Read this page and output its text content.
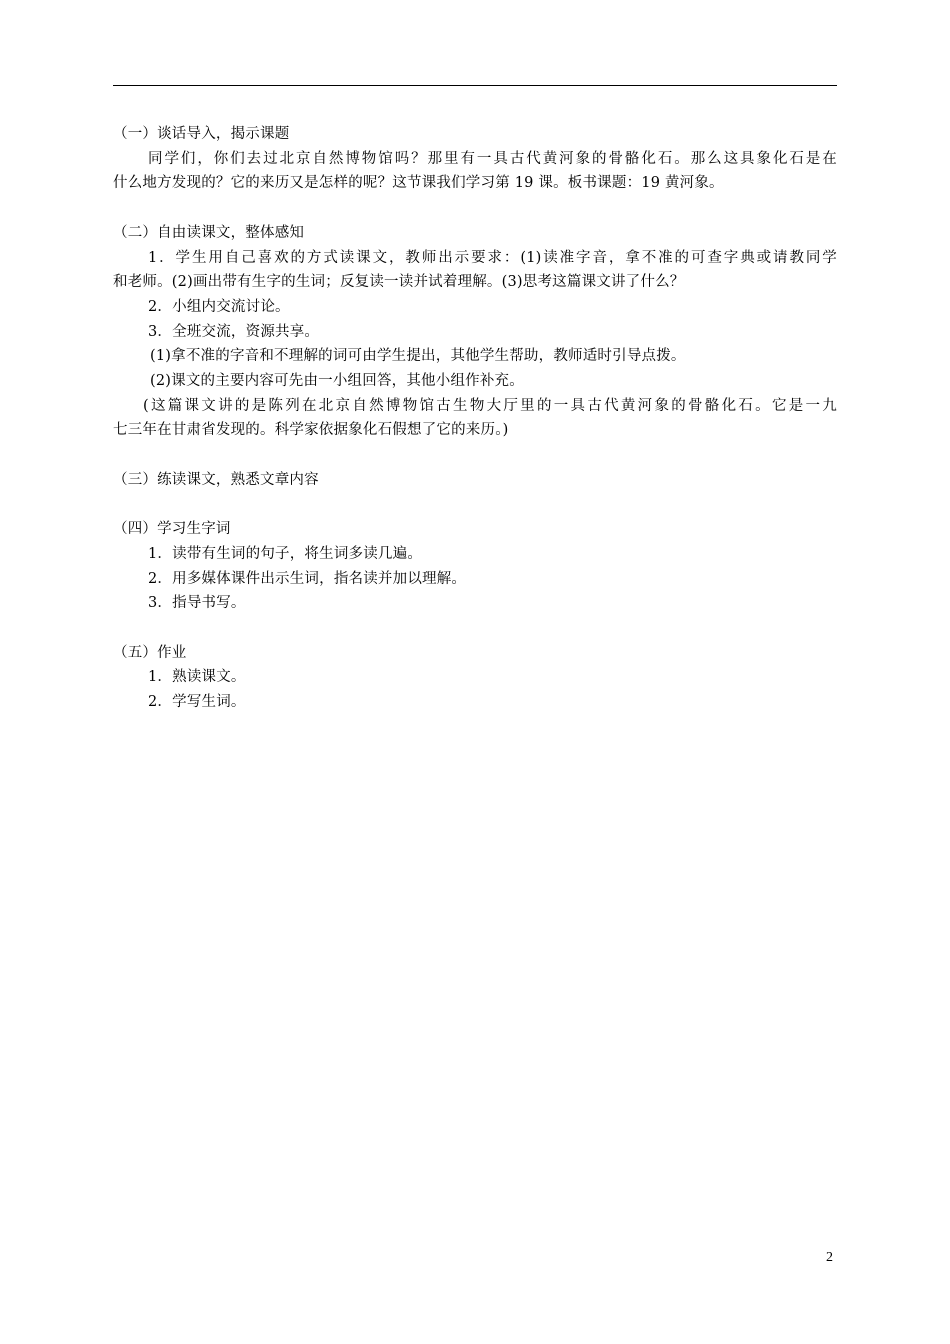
（一）谈话导入，揭示课题

同学们，你们去过北京自然博物馆吗？那里有一具古代黄河象的骨骼化石。那么这具象化石是在

什么地方发现的？它的来历又是怎样的呢？这节课我们学习第 19 课。板书课题：19 黄河象。

（二）自由读课文，整体感知

1．学生用自己喜欢的方式读课文，教师出示要求：(1)读准字音，拿不准的可查字典或请教同学

和老师。(2)画出带有生字的生词；反复读一读并试着理解。(3)思考这篇课文讲了什么？

2．小组内交流讨论。

3．全班交流，资源共享。

(1)拿不准的字音和不理解的词可由学生提出，其他学生帮助，教师适时引导点拨。

(2)课文的主要内容可先由一小组回答，其他小组作补充。

(这篇课文讲的是陈列在北京自然博物馆古生物大厅里的一具古代黄河象的骨骼化石。它是一九

七三年在甘肃省发现的。科学家依据象化石假想了它的来历。)

（三）练读课文，熟悉文章内容

（四）学习生字词

1．读带有生词的句子，将生词多读几遍。

2．用多媒体课件出示生词，指名读并加以理解。

3．指导书写。

（五）作业

1．熟读课文。

2．学写生词。

2
